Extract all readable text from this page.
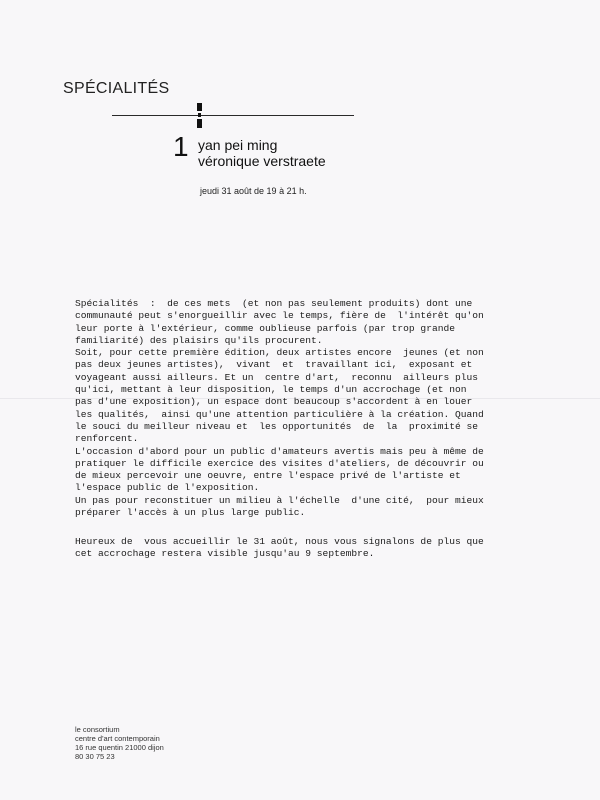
SPÉCIALITÉS
1 yan pei ming
véronique verstraete
jeudi 31 août de 19 à 21 h.
Spécialités  :  de ces mets  (et non pas seulement produits) dont une
communauté peut s'enorgueillir avec le temps, fière de  l'intérêt qu'on
leur porte à l'extérieur, comme oublieuse parfois (par trop grande
familiarité) des plaisirs qu'ils procurent.
Soit, pour cette première édition, deux artistes encore  jeunes (et non
pas deux jeunes artistes),  vivant  et  travaillant ici,  exposant et
voyageant aussi ailleurs. Et un  centre d'art,  reconnu  ailleurs plus
qu'ici, mettant à leur disposition, le temps d'un accrochage (et non
pas d'une exposition), un espace dont beaucoup s'accordent à en louer
les qualités,  ainsi qu'une attention particulière à la création. Quand
le souci du meilleur niveau et  les opportunités  de  la  proximité se
renforcent.
L'occasion d'abord pour un public d'amateurs avertis mais peu à même de
pratiquer le difficile exercice des visites d'ateliers, de découvrir ou
de mieux percevoir une oeuvre, entre l'espace privé de l'artiste et
l'espace public de l'exposition.
Un pas pour reconstituer un milieu à l'échelle  d'une cité,  pour mieux
préparer l'accès à un plus large public.
Heureux de  vous accueillir le 31 août, nous vous signalons de plus que
cet accrochage restera visible jusqu'au 9 septembre.
le consortium
centre d'art contemporain
16 rue quentin 21000 dijon
80 30 75 23
